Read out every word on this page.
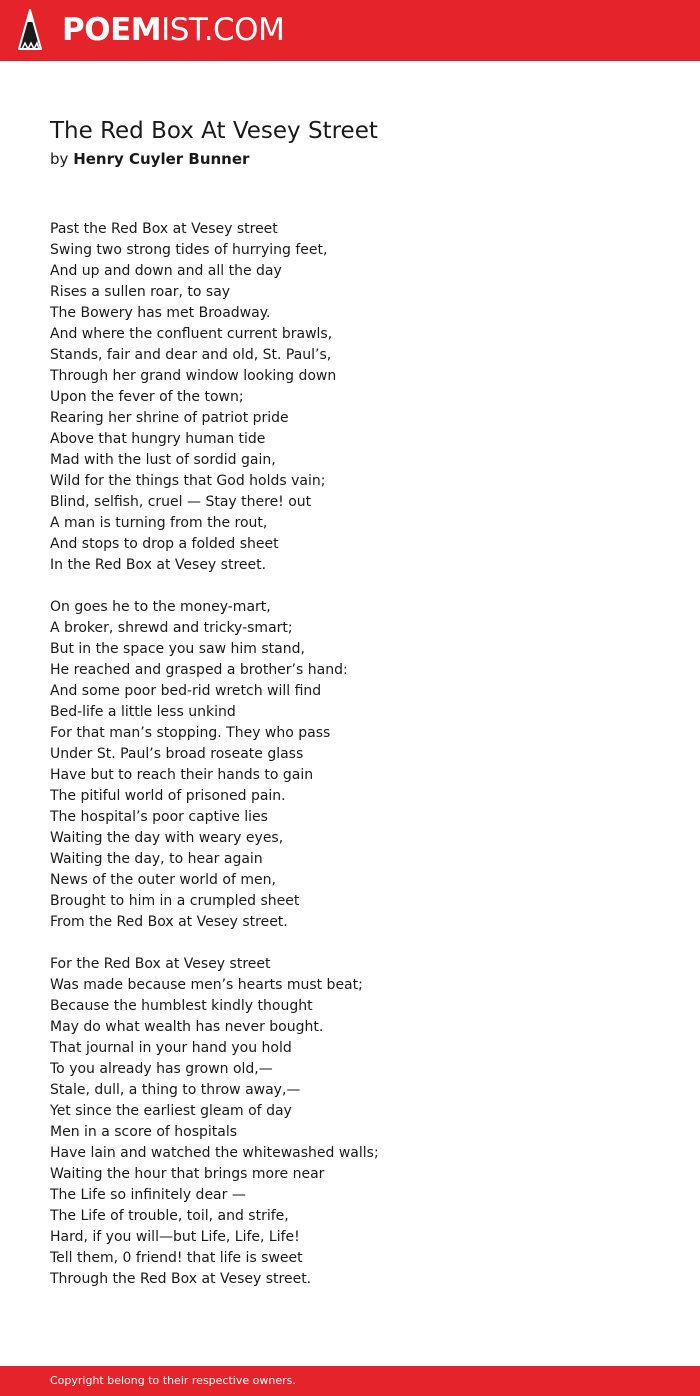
POEMIST.COM
The Red Box At Vesey Street
by Henry Cuyler Bunner
Past the Red Box at Vesey street
Swing two strong tides of hurrying feet,
And up and down and all the day
Rises a sullen roar, to say
The Bowery has met Broadway.
And where the confluent current brawls,
Stands, fair and dear and old, St. Paul’s,
Through her grand window looking down
Upon the fever of the town;
Rearing her shrine of patriot pride
Above that hungry human tide
Mad with the lust of sordid gain,
Wild for the things that God holds vain;
Blind, selfish, cruel — Stay there! out
A man is turning from the rout,
And stops to drop a folded sheet
In the Red Box at Vesey street.
On goes he to the money-mart,
A broker, shrewd and tricky-smart;
But in the space you saw him stand,
He reached and grasped a brother’s hand:
And some poor bed-rid wretch will find
Bed-life a little less unkind
For that man’s stopping. They who pass
Under St. Paul’s broad roseate glass
Have but to reach their hands to gain
The pitiful world of prisoned pain.
The hospital’s poor captive lies
Waiting the day with weary eyes,
Waiting the day, to hear again
News of the outer world of men,
Brought to him in a crumpled sheet
From the Red Box at Vesey street.
For the Red Box at Vesey street
Was made because men’s hearts must beat;
Because the humblest kindly thought
May do what wealth has never bought.
That journal in your hand you hold
To you already has grown old,—
Stale, dull, a thing to throw away,—
Yet since the earliest gleam of day
Men in a score of hospitals
Have lain and watched the whitewashed walls;
Waiting the hour that brings more near
The Life so infinitely dear —
The Life of trouble, toil, and strife,
Hard, if you will—but Life, Life, Life!
Tell them, 0 friend! that life is sweet
Through the Red Box at Vesey street.
Copyright belong to their respective owners.
